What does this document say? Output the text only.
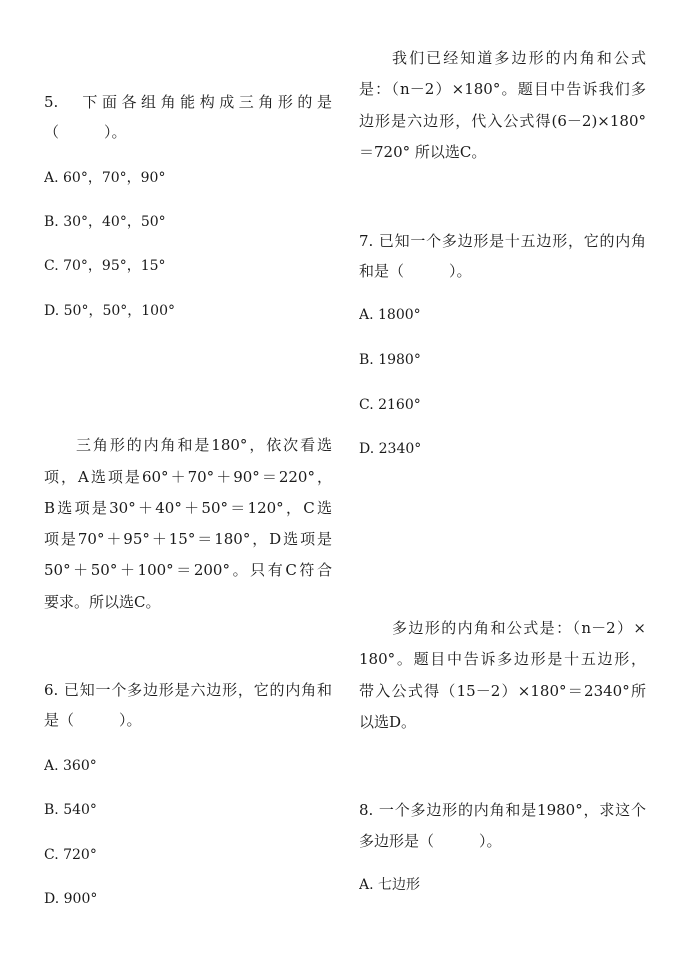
5.　下面各组角能构成三角形的是
（　　　）。
A. 60°，70°，90°
B. 30°，40°，50°
C. 70°，95°，15°
D. 50°，50°，100°
三角形的内角和是180°，依次看选
项，A选项是60°＋70°＋90°＝220°，
B选项是30°＋40°＋50°＝120°，C选
项是70°＋95°＋15°＝180°，D选项是
50°＋50°＋100°＝200°。只有C符合
要求。所以选C。
6. 已知一个多边形是六边形，它的内角和
是（　　　）。
A. 360°
B. 540°
C. 720°
D. 900°
我们已经知道多边形的内角和公式
是：（n－2）×180°。题目中告诉我们多
边形是六边形，代入公式得(6－2)×180°
＝720° 所以选C。
7. 已知一个多边形是十五边形，它的内角
和是（　　　）。
A. 1800°
B. 1980°
C. 2160°
D. 2340°
多边形的内角和公式是：（n－2）×
180°。题目中告诉多边形是十五边形，
带入公式得（15－2）×180°＝2340°所
以选D。
8. 一个多边形的内角和是1980°，求这个
多边形是（　　　）。
A. 七边形
